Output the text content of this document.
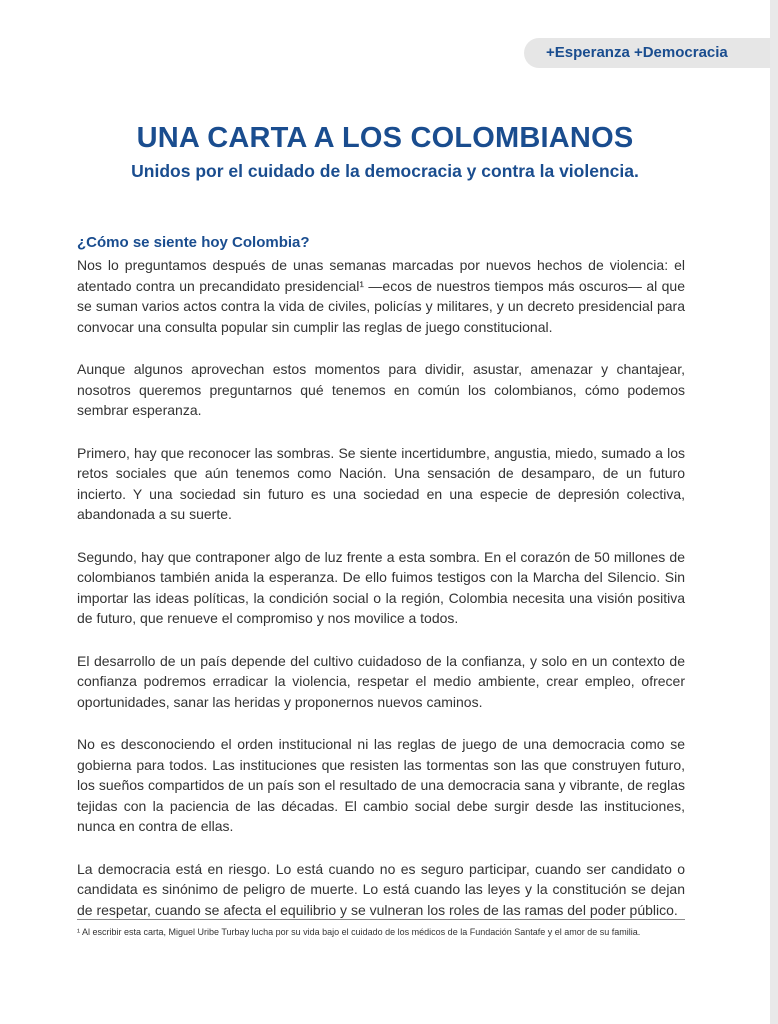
+Esperanza +Democracia
UNA CARTA A LOS COLOMBIANOS
Unidos por el cuidado de la democracia y contra la violencia.
¿Cómo se siente hoy Colombia?

Nos lo preguntamos después de unas semanas marcadas por nuevos hechos de violencia: el atentado contra un precandidato presidencial¹ —ecos de nuestros tiempos más oscuros— al que se suman varios actos contra la vida de civiles, policías y militares, y un decreto presidencial para convocar una consulta popular sin cumplir las reglas de juego constitucional.

Aunque algunos aprovechan estos momentos para dividir, asustar, amenazar y chantajear, nosotros queremos preguntarnos qué tenemos en común los colombianos, cómo podemos sembrar esperanza.

Primero, hay que reconocer las sombras. Se siente incertidumbre, angustia, miedo, sumado a los retos sociales que aún tenemos como Nación. Una sensación de desamparo, de un futuro incierto. Y una sociedad sin futuro es una sociedad en una especie de depresión colectiva, abandonada a su suerte.

Segundo, hay que contraponer algo de luz frente a esta sombra. En el corazón de 50 millones de colombianos también anida la esperanza. De ello fuimos testigos con la Marcha del Silencio. Sin importar las ideas políticas, la condición social o la región, Colombia necesita una visión positiva de futuro, que renueve el compromiso y nos movilice a todos.

El desarrollo de un país depende del cultivo cuidadoso de la confianza, y solo en un contexto de confianza podremos erradicar la violencia, respetar el medio ambiente, crear empleo, ofrecer oportunidades, sanar las heridas y proponernos nuevos caminos.

No es desconociendo el orden institucional ni las reglas de juego de una democracia como se gobierna para todos. Las instituciones que resisten las tormentas son las que construyen futuro, los sueños compartidos de un país son el resultado de una democracia sana y vibrante, de reglas tejidas con la paciencia de las décadas. El cambio social debe surgir desde las instituciones, nunca en contra de ellas.

La democracia está en riesgo. Lo está cuando no es seguro participar, cuando ser candidato o candidata es sinónimo de peligro de muerte. Lo está cuando las leyes y la constitución se dejan de respetar, cuando se afecta el equilibrio y se vulneran los roles de las ramas del poder público.

¹ Al escribir esta carta, Miguel Uribe Turbay lucha por su vida bajo el cuidado de los médicos de la Fundación Santafe y el amor de su familia.
